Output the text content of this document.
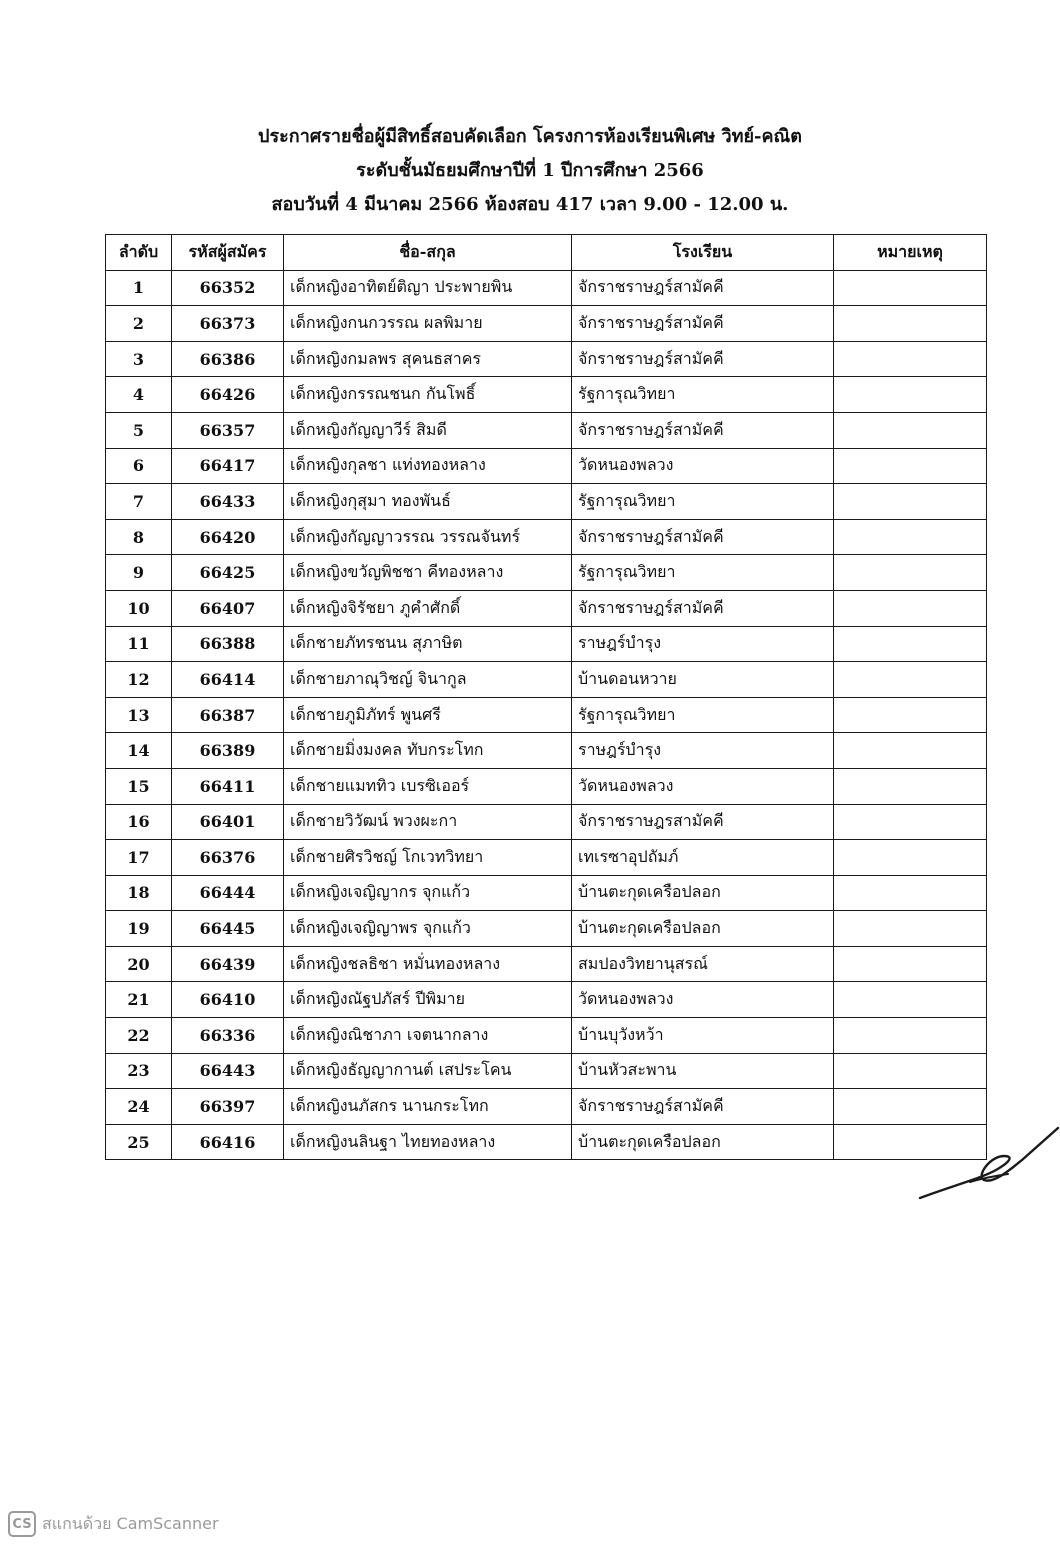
ประกาศรายชื่อผู้มีสิทธิ์สอบคัดเลือก โครงการห้องเรียนพิเศษ วิทย์-คณิต
ระดับชั้นมัธยมศึกษาปีที่ 1 ปีการศึกษา 2566
สอบวันที่ 4 มีนาคม 2566 ห้องสอบ 417 เวลา 9.00 - 12.00 น.
ลำดับ	รหัสผู้สมัคร	ชื่อ-สกุล	โรงเรียน	หมายเหตุ
1	66352	เด็กหญิงอาทิตย์ติญา ประพายพิน	จักราชราษฎร์สามัคคี	
2	66373	เด็กหญิงกนกวรรณ ผลพิมาย	จักราชราษฎร์สามัคคี	
3	66386	เด็กหญิงกมลพร สุคนธสาคร	จักราชราษฎร์สามัคคี	
4	66426	เด็กหญิงกรรณชนก กันโพธิ์	รัฐการุณวิทยา	
5	66357	เด็กหญิงกัญญาวีร์ สิมดี	จักราชราษฎร์สามัคคี	
6	66417	เด็กหญิงกุลชา แท่งทองหลาง	วัดหนองพลวง	
7	66433	เด็กหญิงกุสุมา ทองพันธ์	รัฐการุณวิทยา	
8	66420	เด็กหญิงกัญญาวรรณ วรรณจันทร์	จักราชราษฎร์สามัคคี	
9	66425	เด็กหญิงขวัญพิชชา คีทองหลาง	รัฐการุณวิทยา	
10	66407	เด็กหญิงจิรัชยา ภูคำศักดิ์	จักราชราษฎร์สามัคคี	
11	66388	เด็กชายภัทรชนน สุภาษิต	ราษฎร์บำรุง	
12	66414	เด็กชายภาณุวิชญ์ จินากูล	บ้านดอนหวาย	
13	66387	เด็กชายภูมิภัทร์ พูนศรี	รัฐการุณวิทยา	
14	66389	เด็กชายมิ่งมงคล ทับกระโทก	ราษฎร์บำรุง	
15	66411	เด็กชายแมททิว เบรซิเออร์	วัดหนองพลวง	
16	66401	เด็กชายวิวัฒน์ พวงผะกา	จักราชราษฎรสามัคคี	
17	66376	เด็กชายศิรวิชญ์ โกเวทวิทยา	เทเรซาอุปถัมภ์	
18	66444	เด็กหญิงเจญิญากร จุกแก้ว	บ้านตะกุดเครือปลอก	
19	66445	เด็กหญิงเจญิญาพร จุกแก้ว	บ้านตะกุดเครือปลอก	
20	66439	เด็กหญิงชลธิชา หมั่นทองหลาง	สมปองวิทยานุสรณ์	
21	66410	เด็กหญิงณัฐปภัสร์ ปีพิมาย	วัดหนองพลวง	
22	66336	เด็กหญิงณิชาภา เจตนากลาง	บ้านบุวังหว้า	
23	66443	เด็กหญิงธัญญากานต์ เสประโคน	บ้านหัวสะพาน	
24	66397	เด็กหญิงนภัสกร นานกระโทก	จักราชราษฎร์สามัคคี	
25	66416	เด็กหญิงนลินฐา ไทยทองหลาง	บ้านตะกุดเครือปลอก	
CS สแกนด้วย CamScanner
